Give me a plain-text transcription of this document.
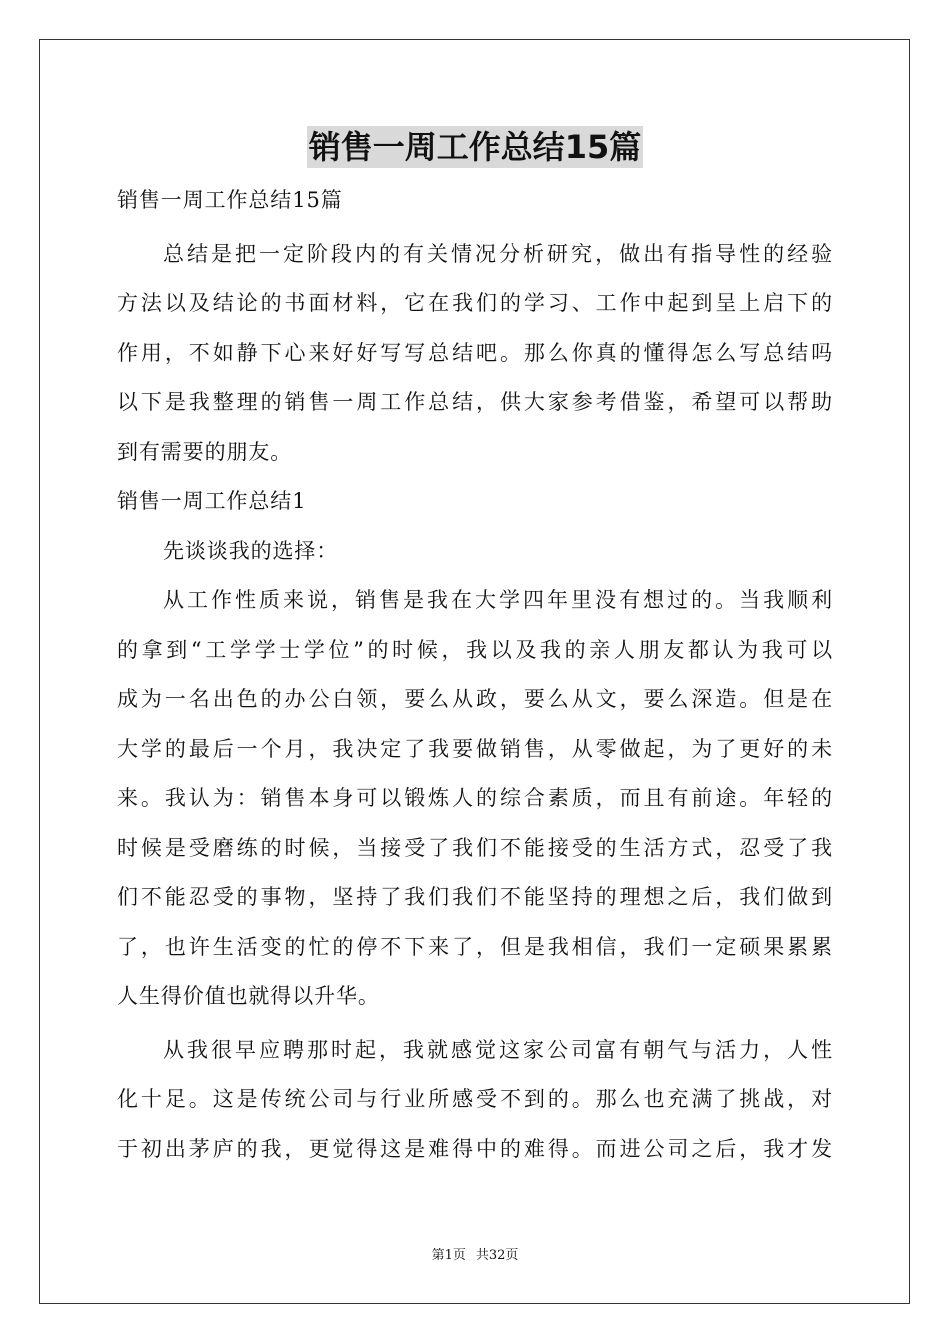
销售一周工作总结15篇
销售一周工作总结15篇
总结是把一定阶段内的有关情况分析研究，做出有指导性的经验
方法以及结论的书面材料，它在我们的学习、工作中起到呈上启下的
作用，不如静下心来好好写写总结吧。那么你真的懂得怎么写总结吗
以下是我整理的销售一周工作总结，供大家参考借鉴，希望可以帮助
到有需要的朋友。
销售一周工作总结1
先谈谈我的选择：
从工作性质来说，销售是我在大学四年里没有想过的。当我顺利
的拿到“工学学士学位”的时候，我以及我的亲人朋友都认为我可以
成为一名出色的办公白领，要么从政，要么从文，要么深造。但是在
大学的最后一个月，我决定了我要做销售，从零做起，为了更好的未
来。我认为：销售本身可以锻炼人的综合素质，而且有前途。年轻的
时候是受磨练的时候，当接受了我们不能接受的生活方式，忍受了我
们不能忍受的事物，坚持了我们我们不能坚持的理想之后，我们做到
了，也许生活变的忙的停不下来了，但是我相信，我们一定硕果累累
人生得价值也就得以升华。
从我很早应聘那时起，我就感觉这家公司富有朝气与活力，人性
化十足。这是传统公司与行业所感受不到的。那么也充满了挑战，对
于初出茅庐的我，更觉得这是难得中的难得。而进公司之后，我才发
第1页 共32页
